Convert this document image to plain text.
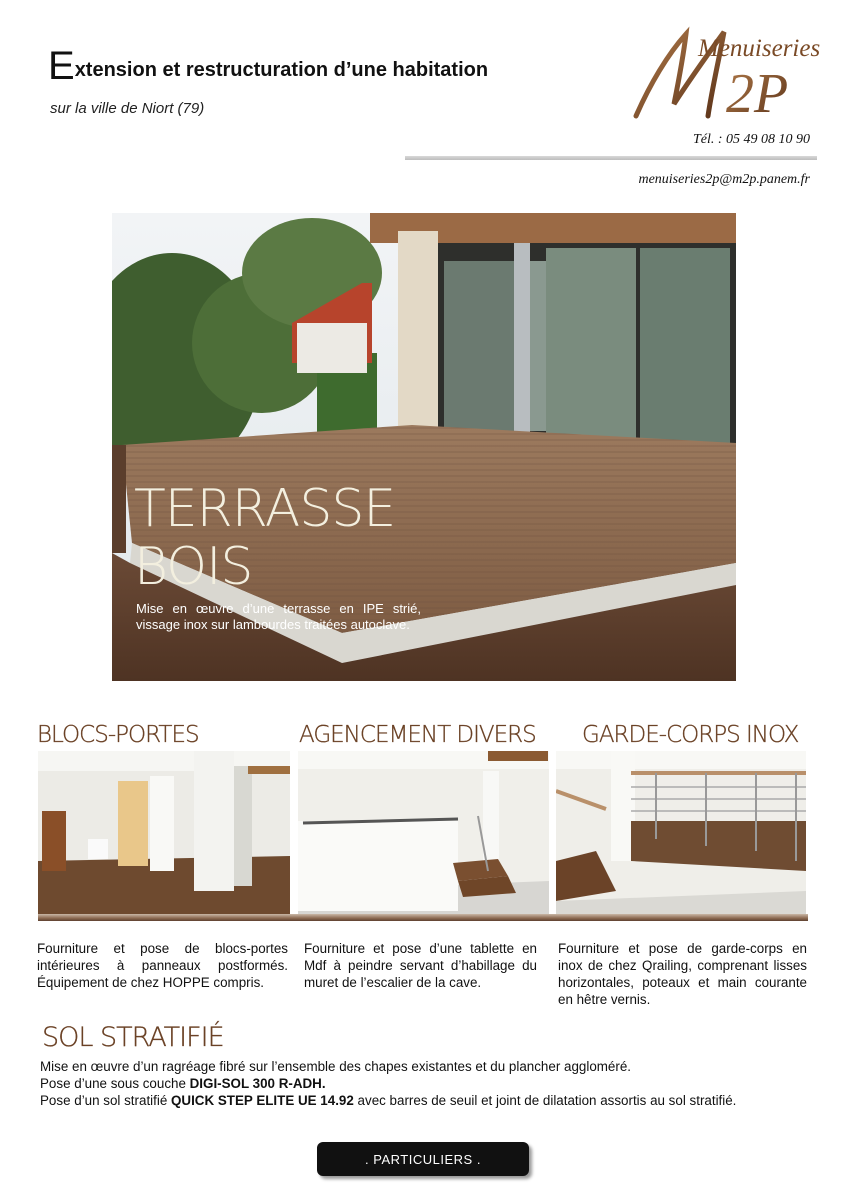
Extension et restructuration d’une habitation
sur la ville de Niort (79)
Menuiseries
2P
M
Tél. : 05 49 08 10 90
menuiseries2p@m2p.panem.fr
TERRASSE
BOIS
Mise en œuvre d’une terrasse en IPE strié, vissage inox sur lambourdes traitées autoclave.
BLOCS-PORTES	AGENCEMENT DIVERS GARDE-CORPS INOX
Fourniture et pose de blocs-portes intérieures à panneaux postformés. Équipement de chez HOPPE compris.
Fourniture et pose d’une tablette en Mdf à peindre servant d’habillage du muret de l’escalier de la cave.
Fourniture et pose de garde-corps en inox de chez Qrailing, comprenant lisses horizontales, poteaux et main courante en hêtre vernis.
SOL STRATIFIÉ
Mise en œuvre d’un ragréage fibré sur l’ensemble des chapes existantes et du plancher aggloméré.
Pose d’une sous couche DIGI-SOL 300 R-ADH.
Pose d’un sol stratifié QUICK STEP ELITE UE 14.92 avec barres de seuil et joint de dilatation assortis au sol stratifié.
. PARTICULIERS .
